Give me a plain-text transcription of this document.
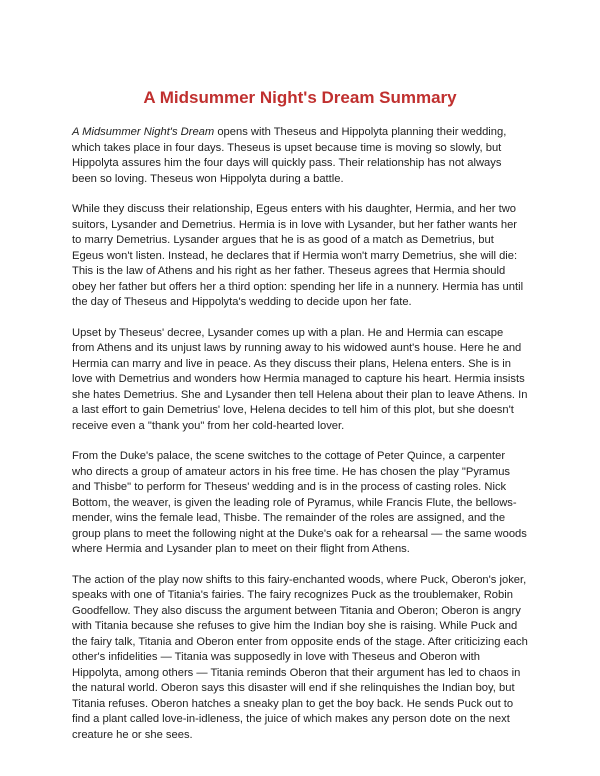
A Midsummer Night's Dream Summary

A Midsummer Night's Dream opens with Theseus and Hippolyta planning their wedding, which takes place in four days. Theseus is upset because time is moving so slowly, but Hippolyta assures him the four days will quickly pass. Their relationship has not always been so loving. Theseus won Hippolyta during a battle.

While they discuss their relationship, Egeus enters with his daughter, Hermia, and her two suitors, Lysander and Demetrius. Hermia is in love with Lysander, but her father wants her to marry Demetrius. Lysander argues that he is as good of a match as Demetrius, but Egeus won't listen. Instead, he declares that if Hermia won't marry Demetrius, she will die: This is the law of Athens and his right as her father. Theseus agrees that Hermia should obey her father but offers her a third option: spending her life in a nunnery. Hermia has until the day of Theseus and Hippolyta's wedding to decide upon her fate.

Upset by Theseus' decree, Lysander comes up with a plan. He and Hermia can escape from Athens and its unjust laws by running away to his widowed aunt's house. Here he and Hermia can marry and live in peace. As they discuss their plans, Helena enters. She is in love with Demetrius and wonders how Hermia managed to capture his heart. Hermia insists she hates Demetrius. She and Lysander then tell Helena about their plan to leave Athens. In a last effort to gain Demetrius' love, Helena decides to tell him of this plot, but she doesn't receive even a "thank you" from her cold-hearted lover.

From the Duke's palace, the scene switches to the cottage of Peter Quince, a carpenter who directs a group of amateur actors in his free time. He has chosen the play "Pyramus and Thisbe" to perform for Theseus' wedding and is in the process of casting roles. Nick Bottom, the weaver, is given the leading role of Pyramus, while Francis Flute, the bellows-mender, wins the female lead, Thisbe. The remainder of the roles are assigned, and the group plans to meet the following night at the Duke's oak for a rehearsal — the same woods where Hermia and Lysander plan to meet on their flight from Athens.

The action of the play now shifts to this fairy-enchanted woods, where Puck, Oberon's joker, speaks with one of Titania's fairies. The fairy recognizes Puck as the troublemaker, Robin Goodfellow. They also discuss the argument between Titania and Oberon; Oberon is angry with Titania because she refuses to give him the Indian boy she is raising. While Puck and the fairy talk, Titania and Oberon enter from opposite ends of the stage. After criticizing each other's infidelities — Titania was supposedly in love with Theseus and Oberon with Hippolyta, among others — Titania reminds Oberon that their argument has led to chaos in the natural world. Oberon says this disaster will end if she relinquishes the Indian boy, but Titania refuses. Oberon hatches a sneaky plan to get the boy back. He sends Puck out to find a plant called love-in-idleness, the juice of which makes any person dote on the next creature he or she sees.
